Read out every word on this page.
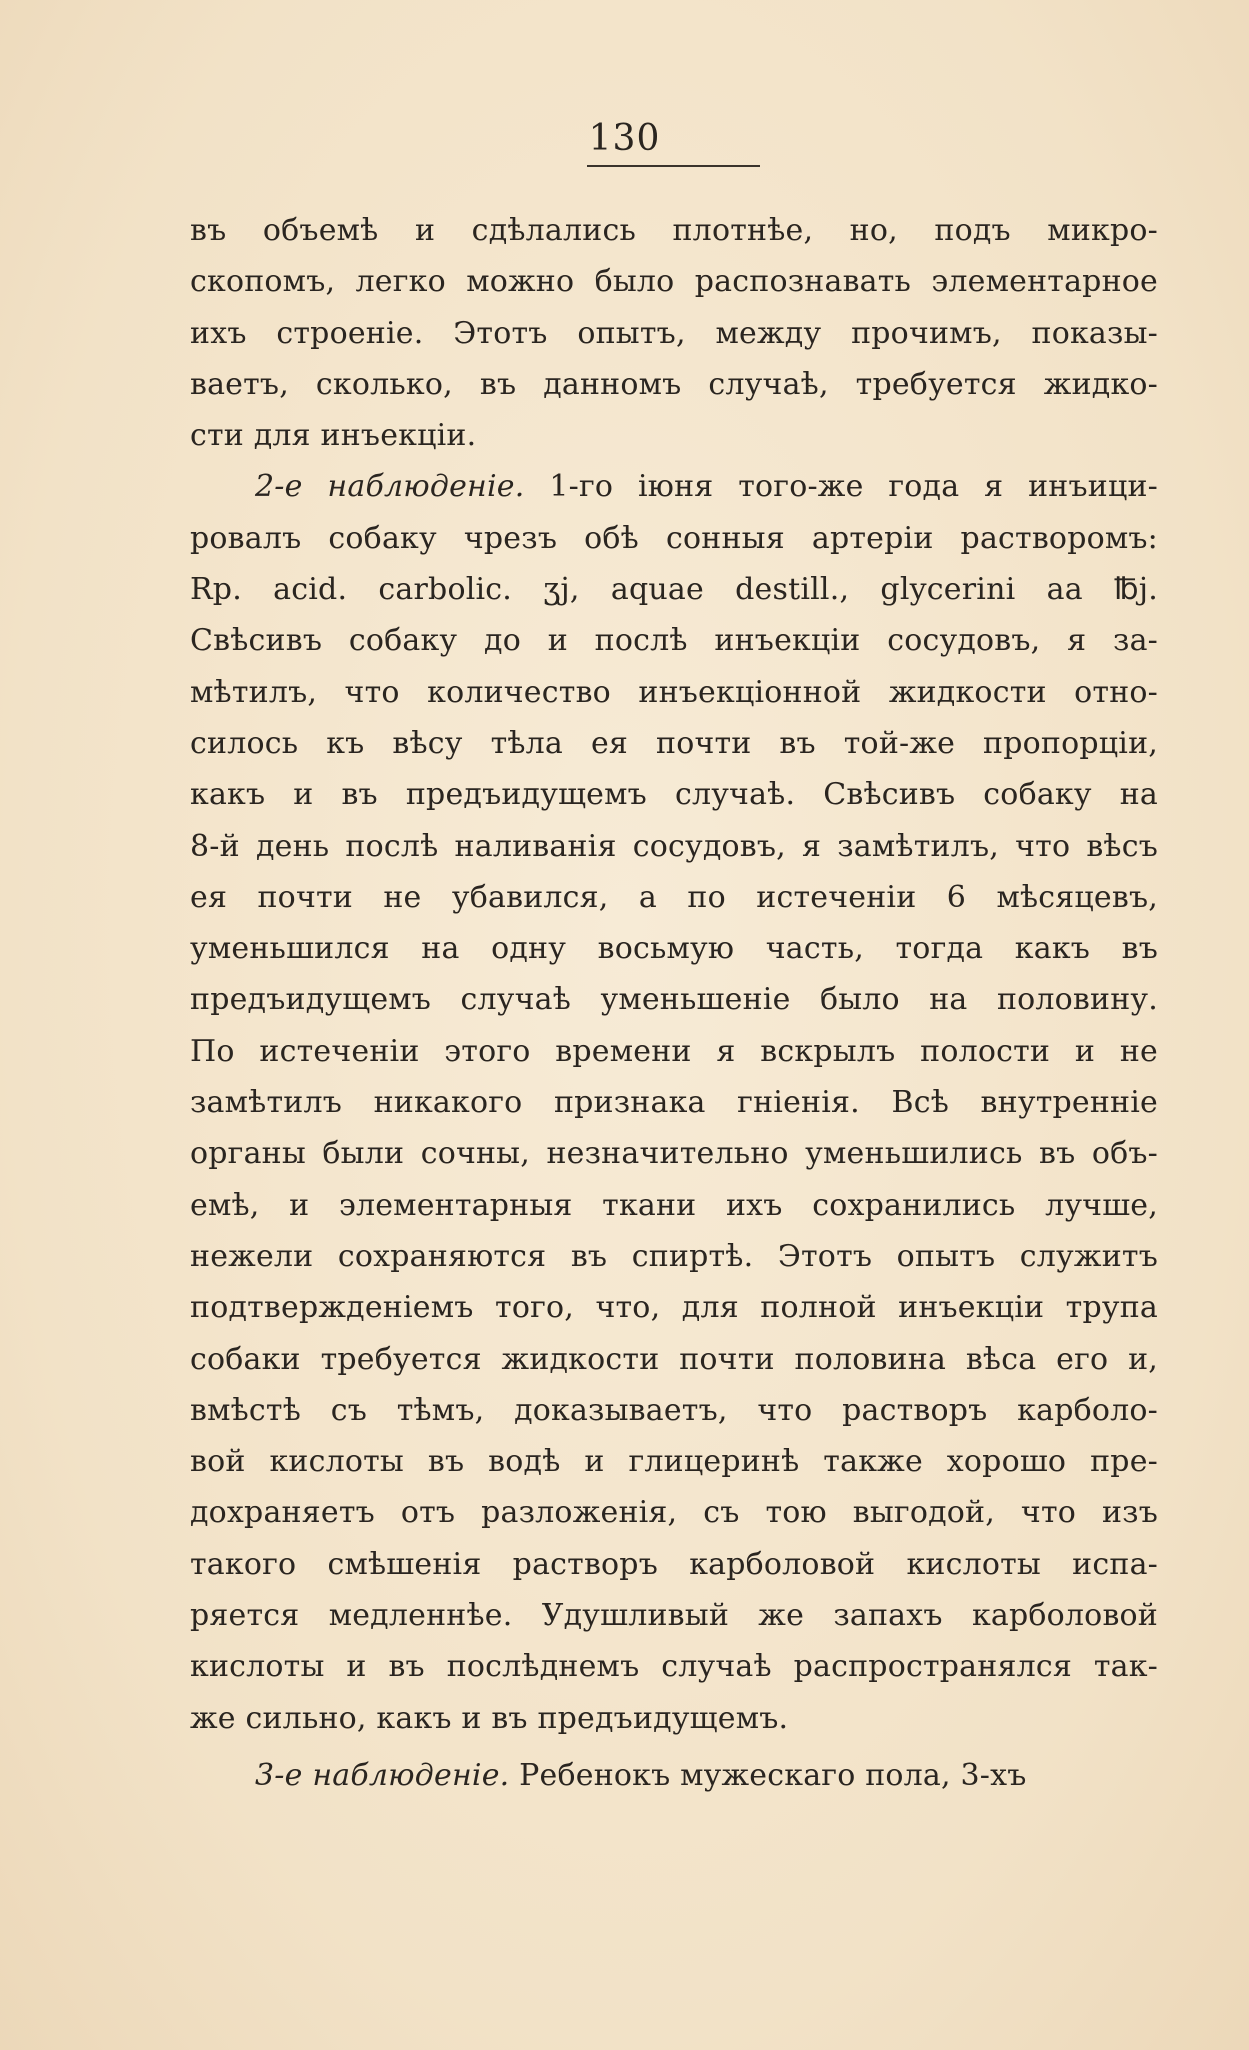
130
въ объемѣ и сдѣлались плотнѣе, но, подъ микро-
скопомъ, легко можно было распознавать элементарное
ихъ строеніе. Этотъ опытъ, между прочимъ, показы-
ваетъ, сколько, въ данномъ случаѣ, требуется жидко-
сти для инъекціи.
2-е наблюденіе. 1-го іюня того-же года я инъици-
ровалъ собаку чрезъ обѣ сонныя артеріи растворомъ:
Rp. acid. carbolic. ʒj, aquae destill., glycerini aa ℔j.
Свѣсивъ собаку до и послѣ инъекціи сосудовъ, я за-
мѣтилъ, что количество инъекціонной жидкости отно-
силось къ вѣсу тѣла ея почти въ той-же пропорціи,
какъ и въ предъидущемъ случаѣ. Свѣсивъ собаку на
8-й день послѣ наливанія сосудовъ, я замѣтилъ, что вѣсъ
ея почти не убавился, а по истеченіи 6 мѣсяцевъ,
уменьшился на одну восьмую часть, тогда какъ въ
предъидущемъ случаѣ уменьшеніе было на половину.
По истеченіи этого времени я вскрылъ полости и не
замѣтилъ никакого признака гніенія. Всѣ внутренніе
органы были сочны, незначительно уменьшились въ объ-
емѣ, и элементарныя ткани ихъ сохранились лучше,
нежели сохраняются въ спиртѣ. Этотъ опытъ служитъ
подтвержденіемъ того, что, для полной инъекціи трупа
собаки требуется жидкости почти половина вѣса его и,
вмѣстѣ съ тѣмъ, доказываетъ, что растворъ карболо-
вой кислоты въ водѣ и глицеринѣ также хорошо пре-
дохраняетъ отъ разложенія, съ тою выгодой, что изъ
такого смѣшенія растворъ карболовой кислоты испа-
ряется медленнѣе. Удушливый же запахъ карболовой
кислоты и въ послѣднемъ случаѣ распространялся так-
же сильно, какъ и въ предъидущемъ.
3-е наблюденіе. Ребенокъ мужескаго пола, 3-хъ
